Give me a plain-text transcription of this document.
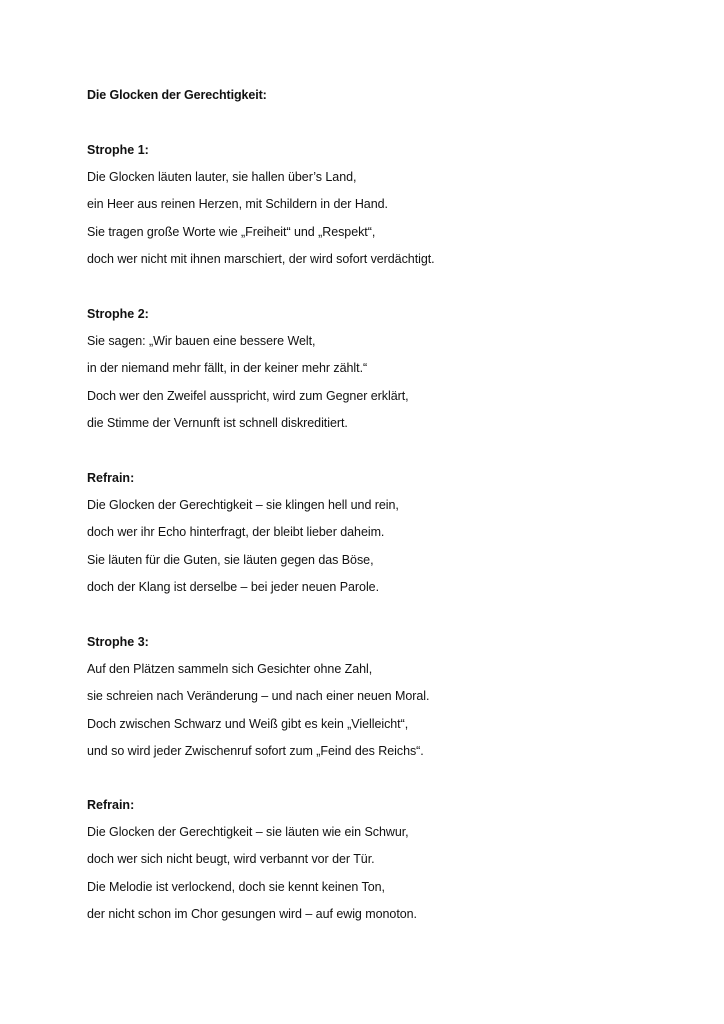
Die Glocken der Gerechtigkeit:
Strophe 1:
Die Glocken läuten lauter, sie hallen über’s Land,
ein Heer aus reinen Herzen, mit Schildern in der Hand.
Sie tragen große Worte wie „Freiheit“ und „Respekt“,
doch wer nicht mit ihnen marschiert, der wird sofort verdächtigt.
Strophe 2:
Sie sagen: „Wir bauen eine bessere Welt,
in der niemand mehr fällt, in der keiner mehr zählt.“
Doch wer den Zweifel ausspricht, wird zum Gegner erklärt,
die Stimme der Vernunft ist schnell diskreditiert.
Refrain:
Die Glocken der Gerechtigkeit – sie klingen hell und rein,
doch wer ihr Echo hinterfragt, der bleibt lieber daheim.
Sie läuten für die Guten, sie läuten gegen das Böse,
doch der Klang ist derselbe – bei jeder neuen Parole.
Strophe 3:
Auf den Plätzen sammeln sich Gesichter ohne Zahl,
sie schreien nach Veränderung – und nach einer neuen Moral.
Doch zwischen Schwarz und Weiß gibt es kein „Vielleicht“,
und so wird jeder Zwischenruf sofort zum „Feind des Reichs“.
Refrain:
Die Glocken der Gerechtigkeit – sie läuten wie ein Schwur,
doch wer sich nicht beugt, wird verbannt vor der Tür.
Die Melodie ist verlockend, doch sie kennt keinen Ton,
der nicht schon im Chor gesungen wird – auf ewig monoton.
